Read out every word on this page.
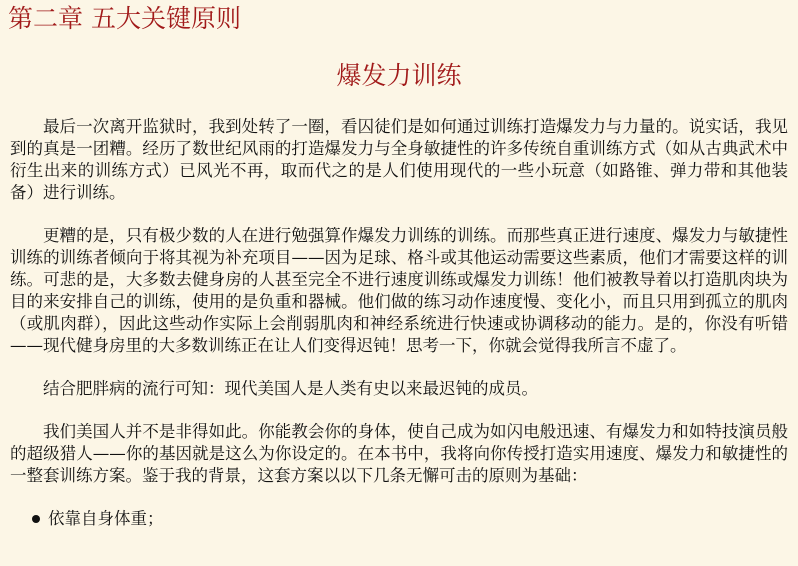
第二章 五大关键原则
爆发力训练

最后一次离开监狱时，我到处转了一圈，看囚徒们是如何通过训练打造爆发力与力量的。说实话，我见到的真是一团糟。经历了数世纪风雨的打造爆发力与全身敏捷性的许多传统自重训练方式（如从古典武术中衍生出来的训练方式）已风光不再，取而代之的是人们使用现代的一些小玩意（如路锥、弹力带和其他装备）进行训练。

更糟的是，只有极少数的人在进行勉强算作爆发力训练的训练。而那些真正进行速度、爆发力与敏捷性训练的训练者倾向于将其视为补充项目——因为足球、格斗或其他运动需要这些素质，他们才需要这样的训练。可悲的是，大多数去健身房的人甚至完全不进行速度训练或爆发力训练！他们被教导着以打造肌肉块为目的来安排自己的训练，使用的是负重和器械。他们做的练习动作速度慢、变化小，而且只用到孤立的肌肉（或肌肉群），因此这些动作实际上会削弱肌肉和神经系统进行快速或协调移动的能力。是的，你没有听错——现代健身房里的大多数训练正在让人们变得迟钝！思考一下，你就会觉得我所言不虚了。

结合肥胖病的流行可知：现代美国人是人类有史以来最迟钝的成员。

我们美国人并不是非得如此。你能教会你的身体，使自己成为如闪电般迅速、有爆发力和如特技演员般的超级猎人——你的基因就是这么为你设定的。在本书中，我将向你传授打造实用速度、爆发力和敏捷性的一整套训练方案。鉴于我的背景，这套方案以以下几条无懈可击的原则为基础：

依靠自身体重；
